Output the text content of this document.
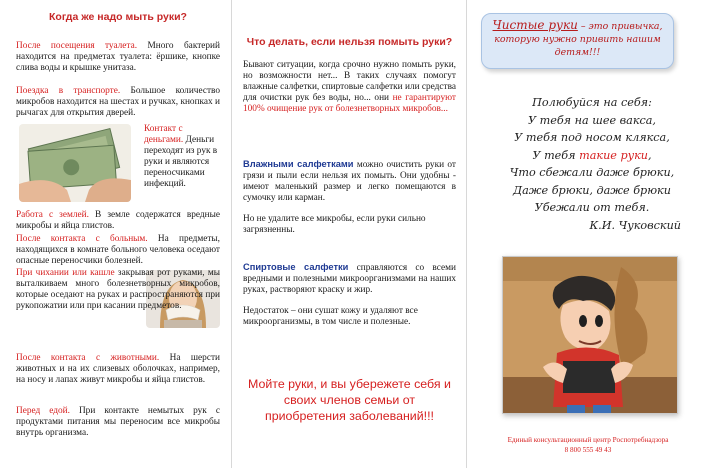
Когда же надо мыть руки?

После посещения туалета. Много бактерий находится на предметах туалета: ёршике, кнопке слива воды и крышке унитаза.

Поездка в транспорте. Большое количество микробов находится на шестах и ручках, кнопках и рычагах для открытия дверей.

Контакт с деньгами. Деньги переходят из рук в руки и являются переносчиками инфекций.

Работа с землей. В земле содержатся вредные микробы и яйца глистов.

После контакта с больным. На предметы, находящихся в комнате больного человека оседают опасные переносчики болезней.

При чихании или кашле закрывая рот руками, мы выталкиваем много болезнетворных микробов, которые оседают на руках и распространяются при рукопожатии или при касании предметов.

После контакта с животными. На шерсти животных и на их слизевых оболочках, например, на носу и лапах живут микробы и яйца глистов.

Перед едой. При контакте немытых рук с продуктами питания мы переносим все микробы внутрь организма.

Что делать, если нельзя помыть руки?

Бывают ситуации, когда срочно нужно помыть руки, но возможности нет... В таких случаях помогут влажные салфетки, спиртовые салфетки или средства для очистки рук без воды, но... они не гарантируют 100% очищение рук от болезнетворных микробов...

Влажными салфетками можно очистить руки от грязи и пыли если нельзя их помыть. Они удобны - имеют маленький размер и легко помещаются в сумочку или карман.

Но не удалите все микробы, если руки сильно загрязненны.

Спиртовые салфетки справляются со всеми вредными и полезными микроорганизмами на наших руках, растворяют краску и жир.

Недостаток – они сушат кожу и удаляют все микроорганизмы, в том числе и полезные.

Мойте руки, и вы убережете себя и своих членов семьи от приобретения заболеваний!!!

Чистые руки – это привычка, которую нужно привить нашим детям!!!

Полюбуйся на себя:
У тебя на шее вакса,
У тебя под носом клякса,
У тебя такие руки,
Что сбежали даже брюки,
Даже брюки, даже брюки
Убежали от тебя.
К.И. Чуковский

Единый консультационный центр Роспотребнадзора

8 800 555 49 43
